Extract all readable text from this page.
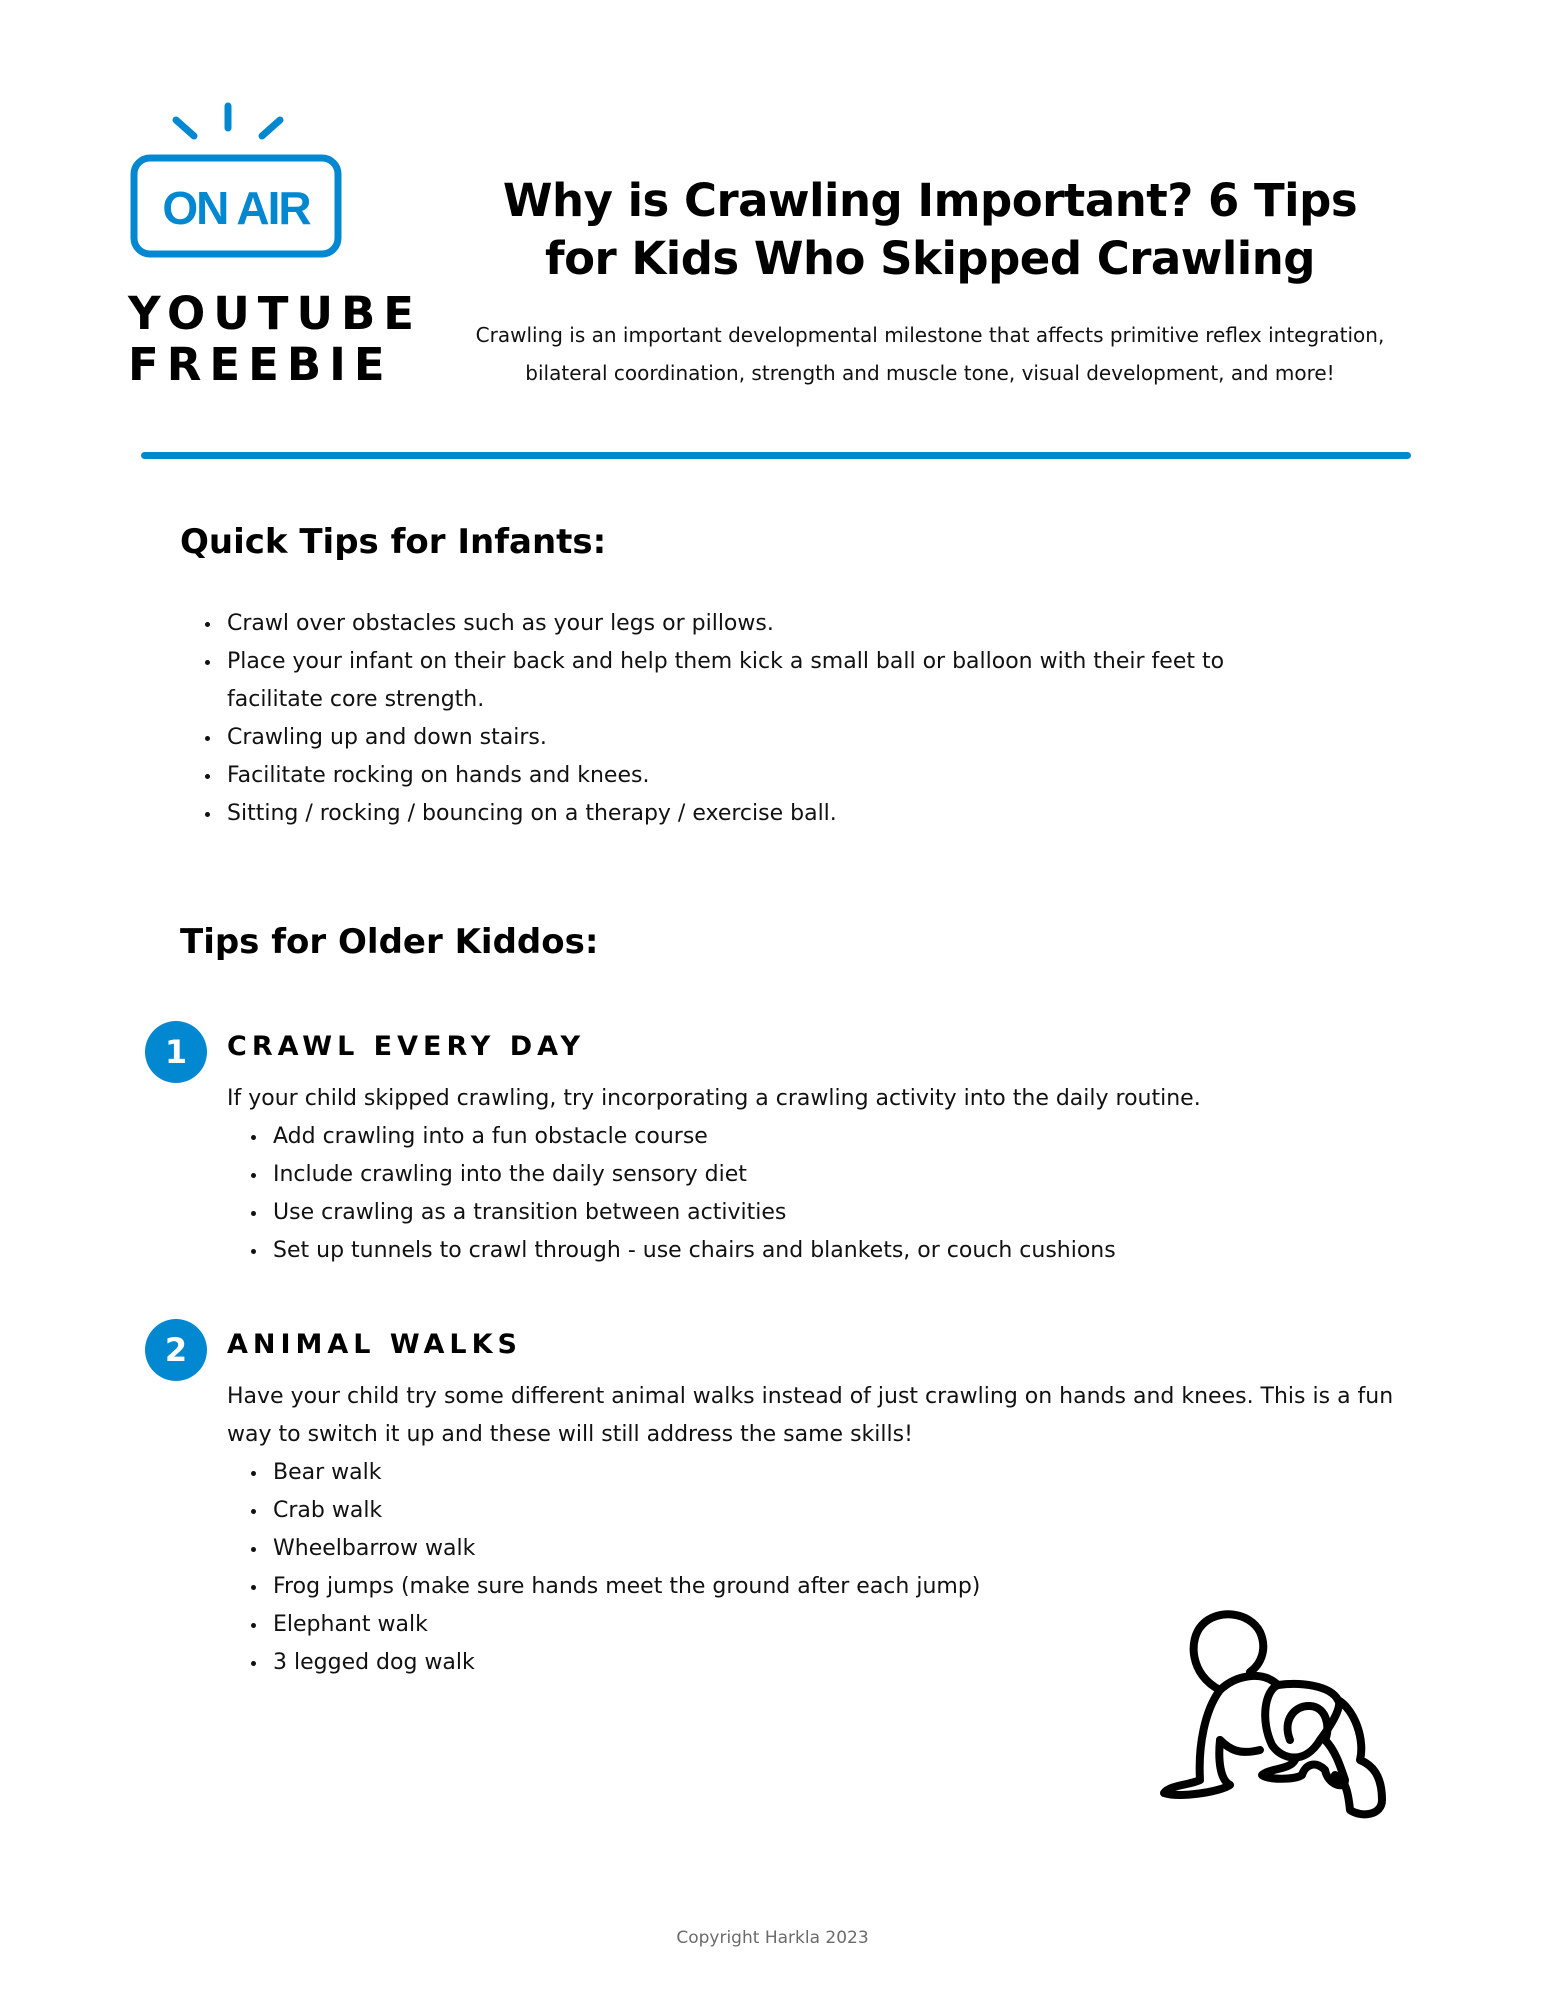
ON AIR
YOUTUBE
FREEBIE
Why is Crawling Important? 6 Tips
for Kids Who Skipped Crawling
Crawling is an important developmental milestone that affects primitive reflex integration,
bilateral coordination, strength and muscle tone, visual development, and more!
Quick Tips for Infants:
Crawl over obstacles such as your legs or pillows.
Place your infant on their back and help them kick a small ball or balloon with their feet to facilitate core strength.
Crawling up and down stairs.
Facilitate rocking on hands and knees.
Sitting / rocking / bouncing on a therapy / exercise ball.
Tips for Older Kiddos:
1	CRAWL EVERY DAY
If your child skipped crawling, try incorporating a crawling activity into the daily routine.
Add crawling into a fun obstacle course
Include crawling into the daily sensory diet
Use crawling as a transition between activities
Set up tunnels to crawl through - use chairs and blankets, or couch cushions
2	ANIMAL WALKS
Have your child try some different animal walks instead of just crawling on hands and knees. This is a fun way to switch it up and these will still address the same skills!
Bear walk
Crab walk
Wheelbarrow walk
Frog jumps (make sure hands meet the ground after each jump)
Elephant walk
3 legged dog walk
Copyright Harkla 2023
